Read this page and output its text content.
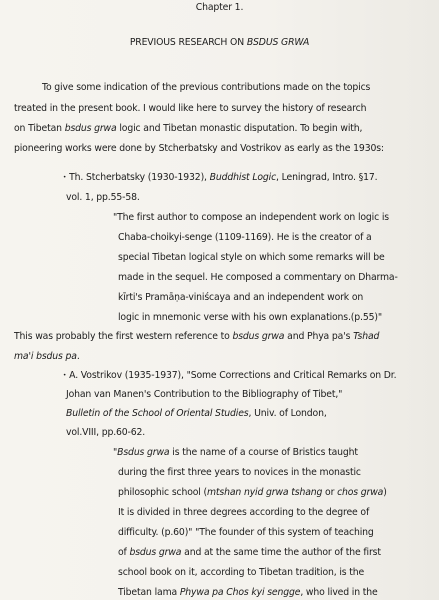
Chapter 1.
PREVIOUS RESEARCH ON BSDUS GRWA
To give some indication of the previous contributions made on the topics
treated in the present book. I would like here to survey the history of research
on Tibetan bsdus grwa logic and Tibetan monastic disputation. To begin with,
pioneering works were done by Stcherbatsky and Vostrikov as early as the 1930s:
・Th. Stcherbatsky (1930-1932), Buddhist Logic, Leningrad, Intro. §17.
vol. 1, pp.55-58.
"The first author to compose an independent work on logic is
Chaba-choikyi-senge (1109-1169). He is the creator of a
special Tibetan logical style on which some remarks will be
made in the sequel. He composed a commentary on Dharma-
kīrti's Pramāṇa-viniścaya and an independent work on
logic in mnemonic verse with his own explanations.(p.55)"
This was probably the first western reference to bsdus grwa and Phya pa's Tshad
ma'i bsdus pa.
・A. Vostrikov (1935-1937), "Some Corrections and Critical Remarks on Dr.
Johan van Manen's Contribution to the Bibliography of Tibet,"
Bulletin of the School of Oriental Studies, Univ. of London,
vol.VIII, pp.60-62.
"Bsdus grwa is the name of a course of Bristics taught
during the first three years to novices in the monastic
philosophic school (mtshan nyid grwa tshang or chos grwa)
It is divided in three degrees according to the degree of
difficulty. (p.60)" "The founder of this system of teaching
of bsdus grwa and at the same time the author of the first
school book on it, according to Tibetan tradition, is the
Tibetan lama Phywa pa Chos kyi sengge, who lived in the
